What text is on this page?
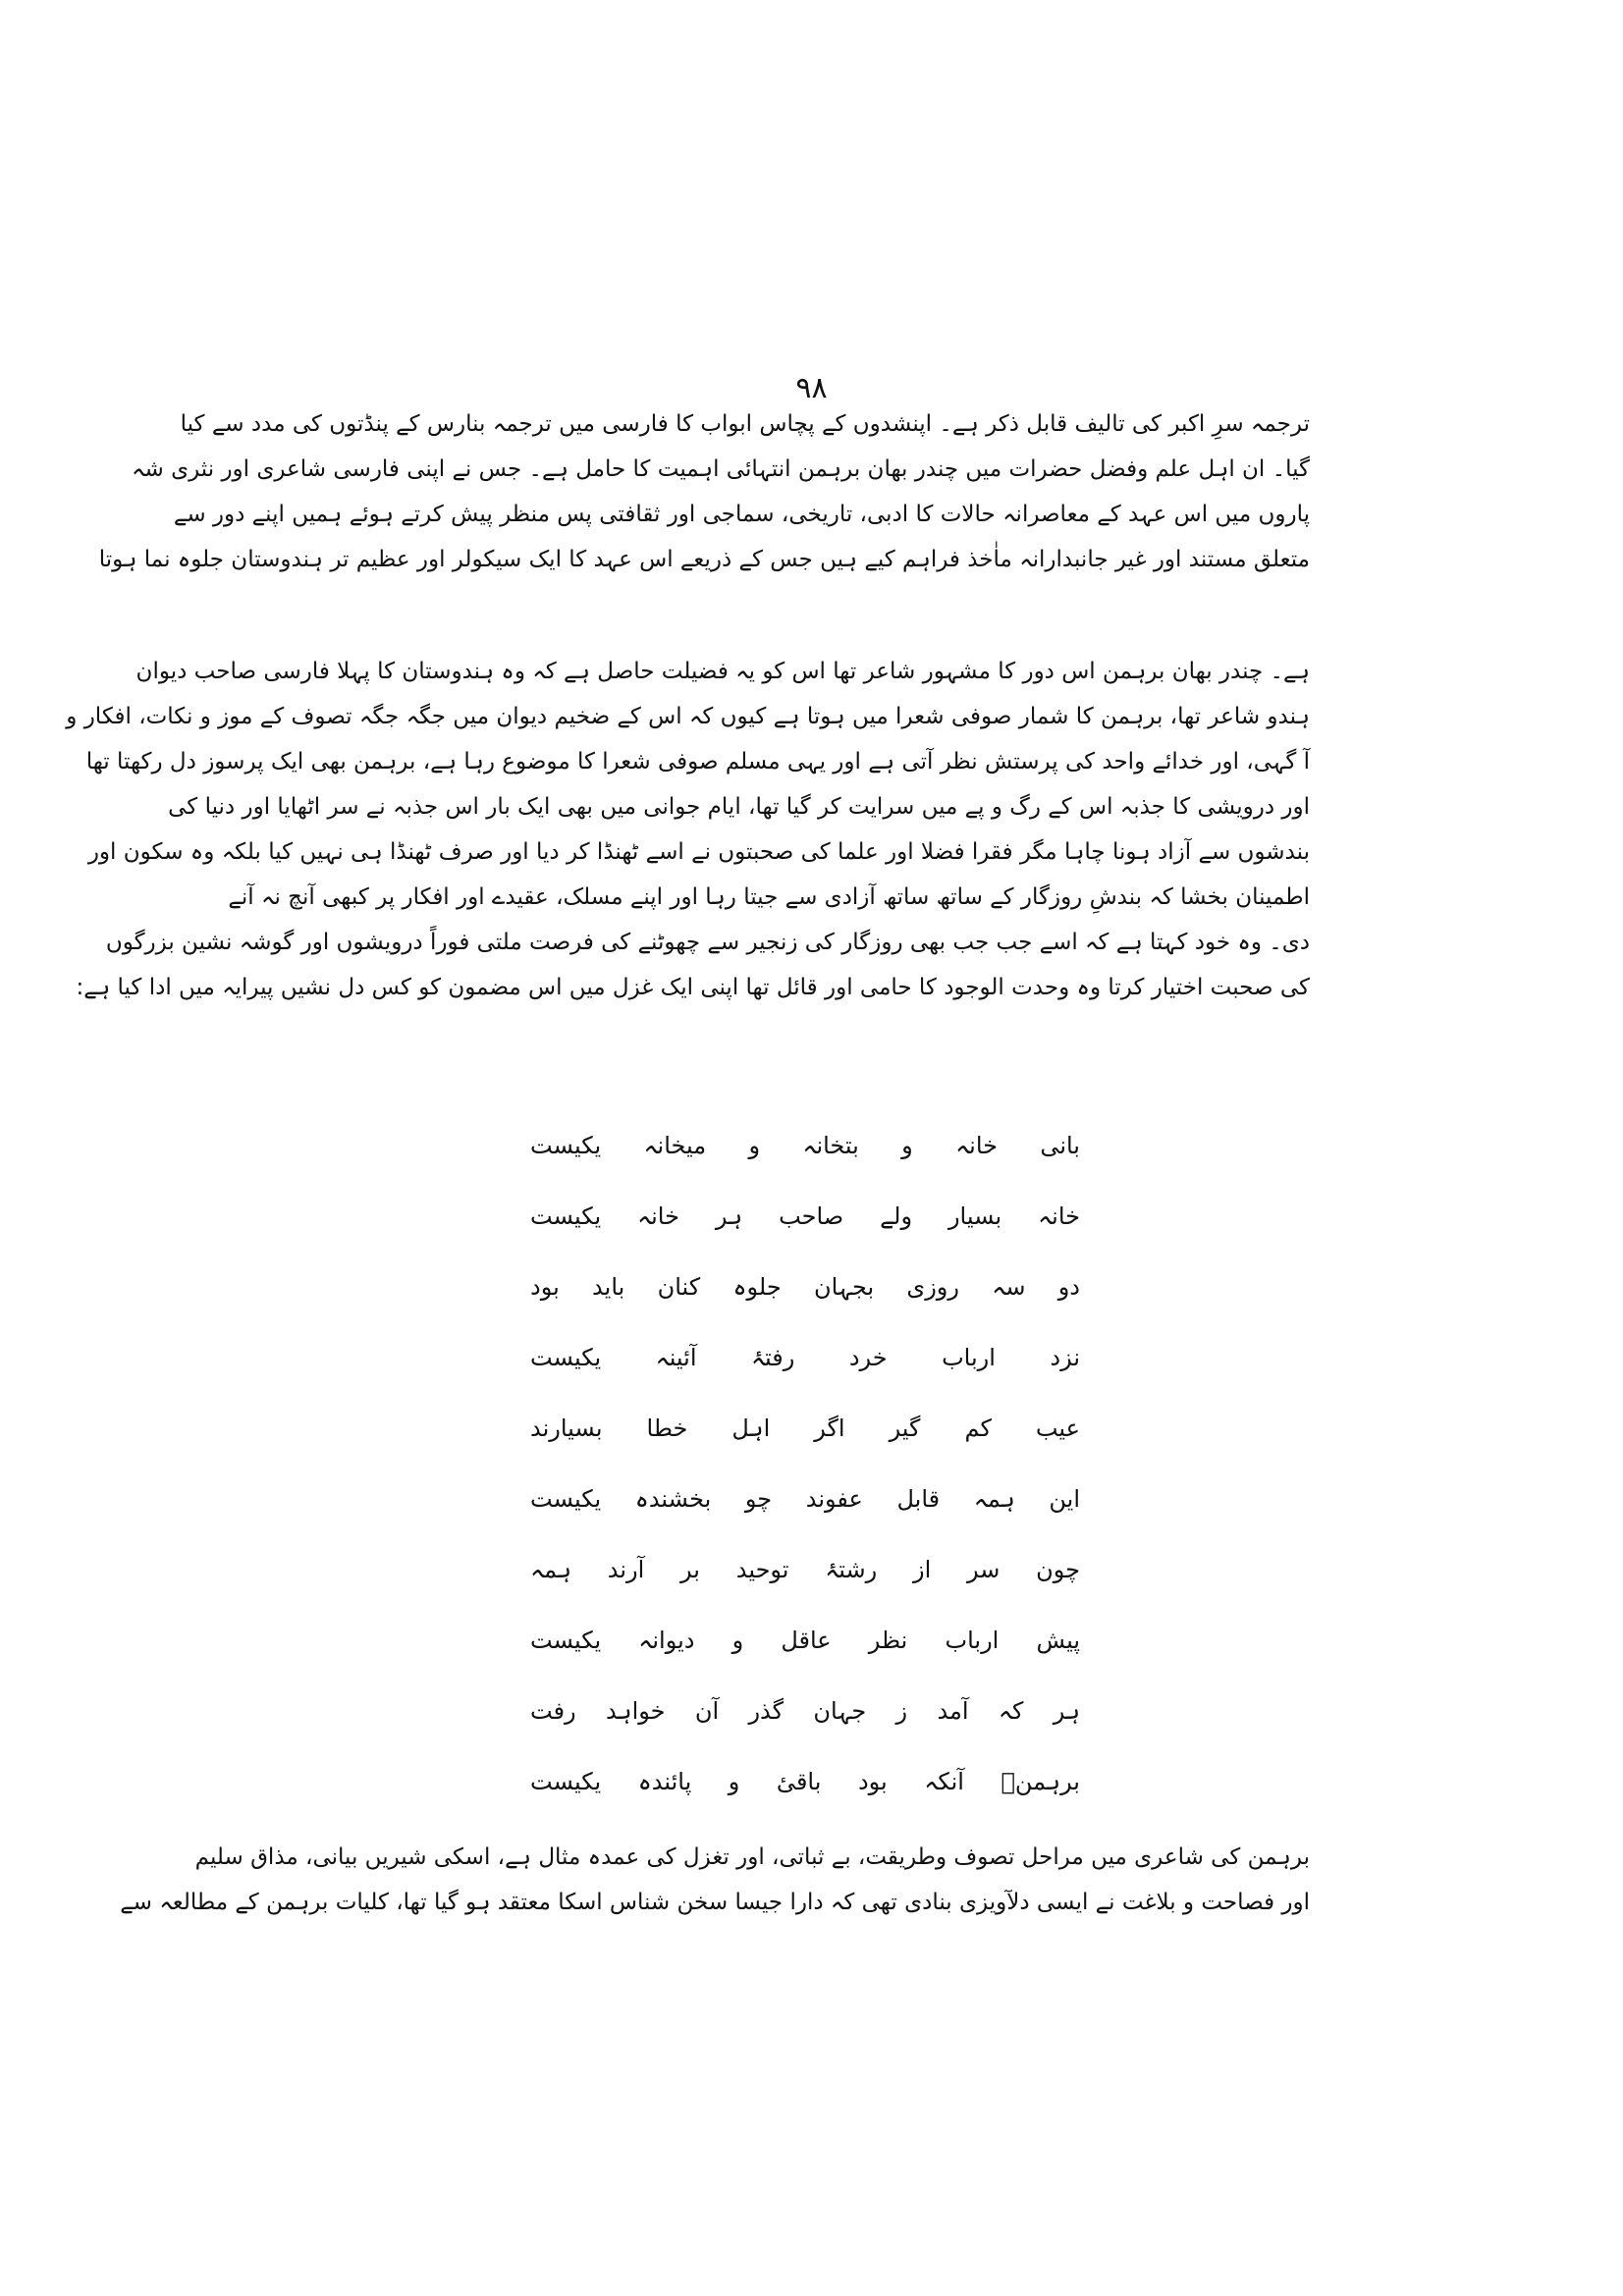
۹۸
ترجمہ سرِ اکبر کی تالیف قابل ذکر ہے۔ اپنشدوں کے پچاس ابواب کا فارسی میں ترجمہ بنارس کے پنڈتوں کی مدد سے کیا
گیا۔ ان اہل علم وفضل حضرات میں چندر بھان برہمن انتہائی اہمیت کا حامل ہے۔ جس نے اپنی فارسی شاعری اور نثری شہ
پاروں میں اس عہد کے معاصرانہ حالات کا ادبی، تاریخی، سماجی اور ثقافتی پس منظر پیش کرتے ہوئے ہمیں اپنے دور سے
متعلق مستند اور غیر جانبدارانہ ماٰخذ فراہم کیے ہیں جس کے ذریعے اس عہد کا ایک سیکولر اور عظیم تر ہندوستان جلوہ نما ہوتا
ہے۔ چندر بھان برہمن اس دور کا مشہور شاعر تھا اس کو یہ فضیلت حاصل ہے کہ وہ ہندوستان کا پہلا فارسی صاحب دیوان
ہندو شاعر تھا، برہمن کا شمار صوفی شعرا میں ہوتا ہے کیوں کہ اس کے ضخیم دیوان میں جگہ جگہ تصوف کے موز و نکات، افکار و
آ گہی، اور خدائے واحد کی پرستش نظر آتی ہے اور یہی مسلم صوفی شعرا کا موضوع رہا ہے، برہمن بھی ایک پرسوز دل رکھتا تھا
اور درویشی کا جذبہ اس کے رگ و پے میں سرایت کر گیا تھا، ایام جوانی میں بھی ایک بار اس جذبہ نے سر اٹھایا اور دنیا کی
بندشوں سے آزاد ہونا چاہا مگر فقرا فضلا اور علما کی صحبتوں نے اسے ٹھنڈا کر دیا اور صرف ٹھنڈا ہی نہیں کیا بلکہ وہ سکون اور
اطمینان بخشا کہ بندشِ روزگار کے ساتھ ساتھ آزادی سے جیتا رہا اور اپنے مسلک، عقیدے اور افکار پر کبھی آنچ نہ آنے
دی۔ وہ خود کہتا ہے کہ اسے جب جب بھی روزگار کی زنجیر سے چھوٹنے کی فرصت ملتی فوراً درویشوں اور گوشہ نشین بزرگوں
کی صحبت اختیار کرتا وہ وحدت الوجود کا حامی اور قائل تھا اپنی ایک غزل میں اس مضمون کو کس دل نشیں پیرایہ میں ادا کیا ہے:
بانی خانہ و بتخانہ و میخانہ یکیست
خانہ بسیار ولے صاحب ہر خانہ یکیست
دو سہ روزی بجہان جلوہ کنان باید بود
نزد ارباب خرد رفتۂ آئینہ یکیست
عیب کم گیر اگر اہل خطا بسیارند
این ہمہ قابل عفوند چو بخشندہ یکیست
چون سر از رشتۂ توحید بر آرند ہمہ
پیش ارباب نظر عاقل و دیوانہ یکیست
ہر کہ آمد ز جہان گذر آن خواہد رفت
برہمنؔ آنکہ بود باقیٔ و پائندہ یکیست
برہمن کی شاعری میں مراحل تصوف وطریقت، بے ثباتی، اور تغزل کی عمدہ مثال ہے، اسکی شیریں بیانی، مذاق سلیم
اور فصاحت و بلاغت نے ایسی دلآویزی بنادی تھی کہ دارا جیسا سخن شناس اسکا معتقد ہو گیا تھا، کلیات برہمن کے مطالعہ سے
